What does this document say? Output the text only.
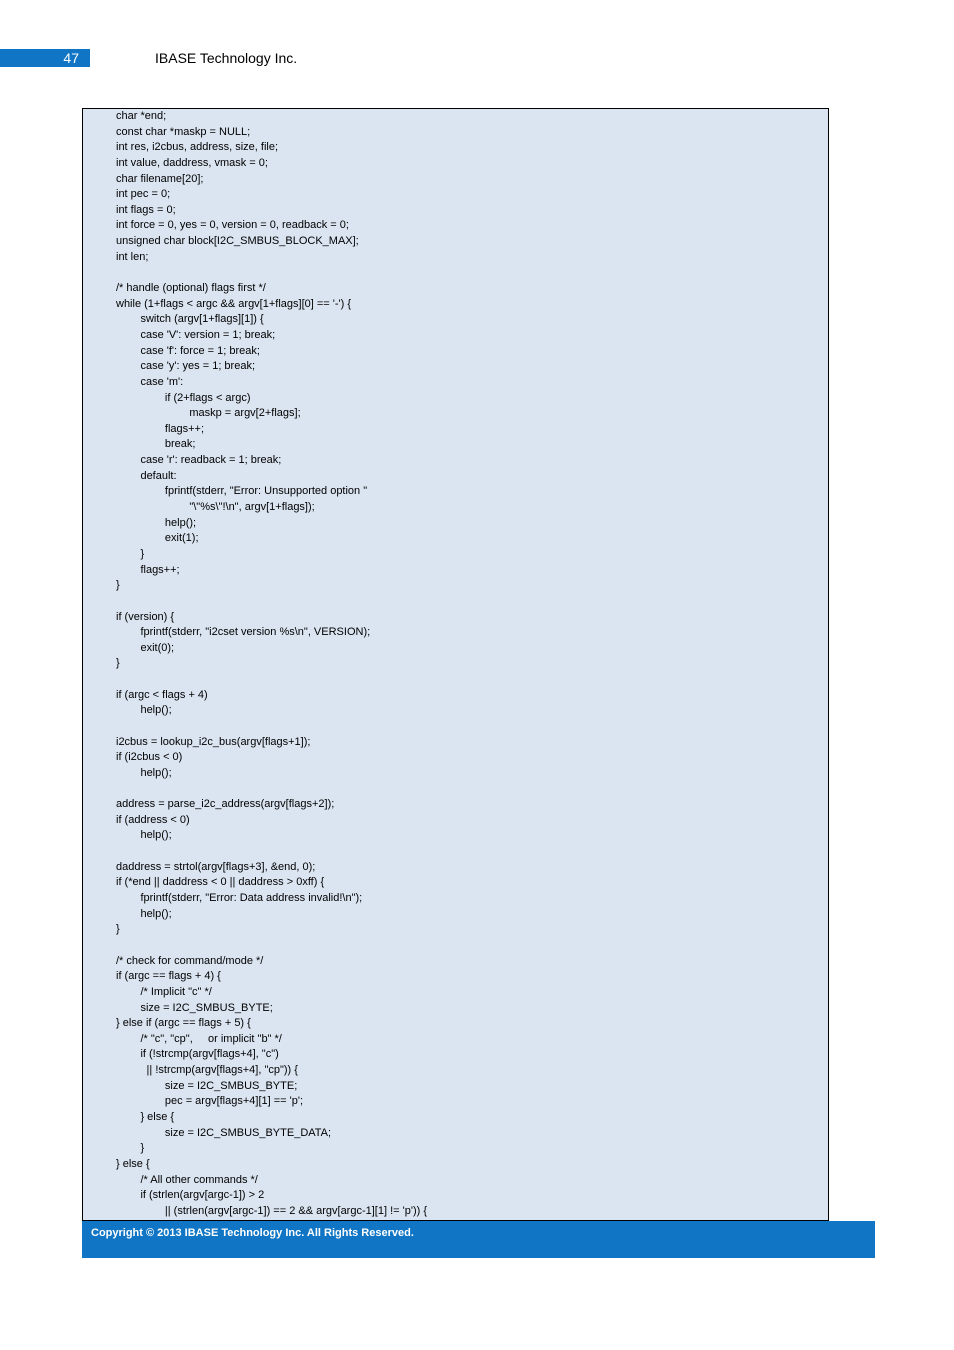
47	IBASE Technology Inc.
char *end;
const char *maskp = NULL;
int res, i2cbus, address, size, file;
int value, daddress, vmask = 0;
char filename[20];
int pec = 0;
int flags = 0;
int force = 0, yes = 0, version = 0, readback = 0;
unsigned char block[I2C_SMBUS_BLOCK_MAX];
int len;
/* handle (optional) flags first */
while (1+flags < argc && argv[1+flags][0] == '-') {
switch (argv[1+flags][1]) {
case 'V': version = 1; break;
case 'f': force = 1; break;
case 'y': yes = 1; break;
case 'm':
if (2+flags < argc)
maskp = argv[2+flags];
flags++;
break;
case 'r': readback = 1; break;
default:
fprintf(stderr, "Error: Unsupported option "
"\"%s\"!\n", argv[1+flags]);
help();
exit(1);
}
flags++;
}
if (version) {
fprintf(stderr, "i2cset version %s\n", VERSION);
exit(0);
}
if (argc < flags + 4)
help();
i2cbus = lookup_i2c_bus(argv[flags+1]);
if (i2cbus < 0)
help();
address = parse_i2c_address(argv[flags+2]);
if (address < 0)
help();
daddress = strtol(argv[flags+3], &end, 0);
if (*end || daddress < 0 || daddress > 0xff) {
fprintf(stderr, "Error: Data address invalid!\n");
help();
}
/* check for command/mode */
if (argc == flags + 4) {
/* Implicit "c" */
size = I2C_SMBUS_BYTE;
} else if (argc == flags + 5) {
/* "c", "cp",     or implicit "b" */
if (!strcmp(argv[flags+4], "c")
|| !strcmp(argv[flags+4], "cp")) {
size = I2C_SMBUS_BYTE;
pec = argv[flags+4][1] == 'p';
} else {
size = I2C_SMBUS_BYTE_DATA;
}
} else {
/* All other commands */
if (strlen(argv[argc-1]) > 2
|| (strlen(argv[argc-1]) == 2 && argv[argc-1][1] != 'p')) {
Copyright © 2013 IBASE Technology Inc. All Rights Reserved.
